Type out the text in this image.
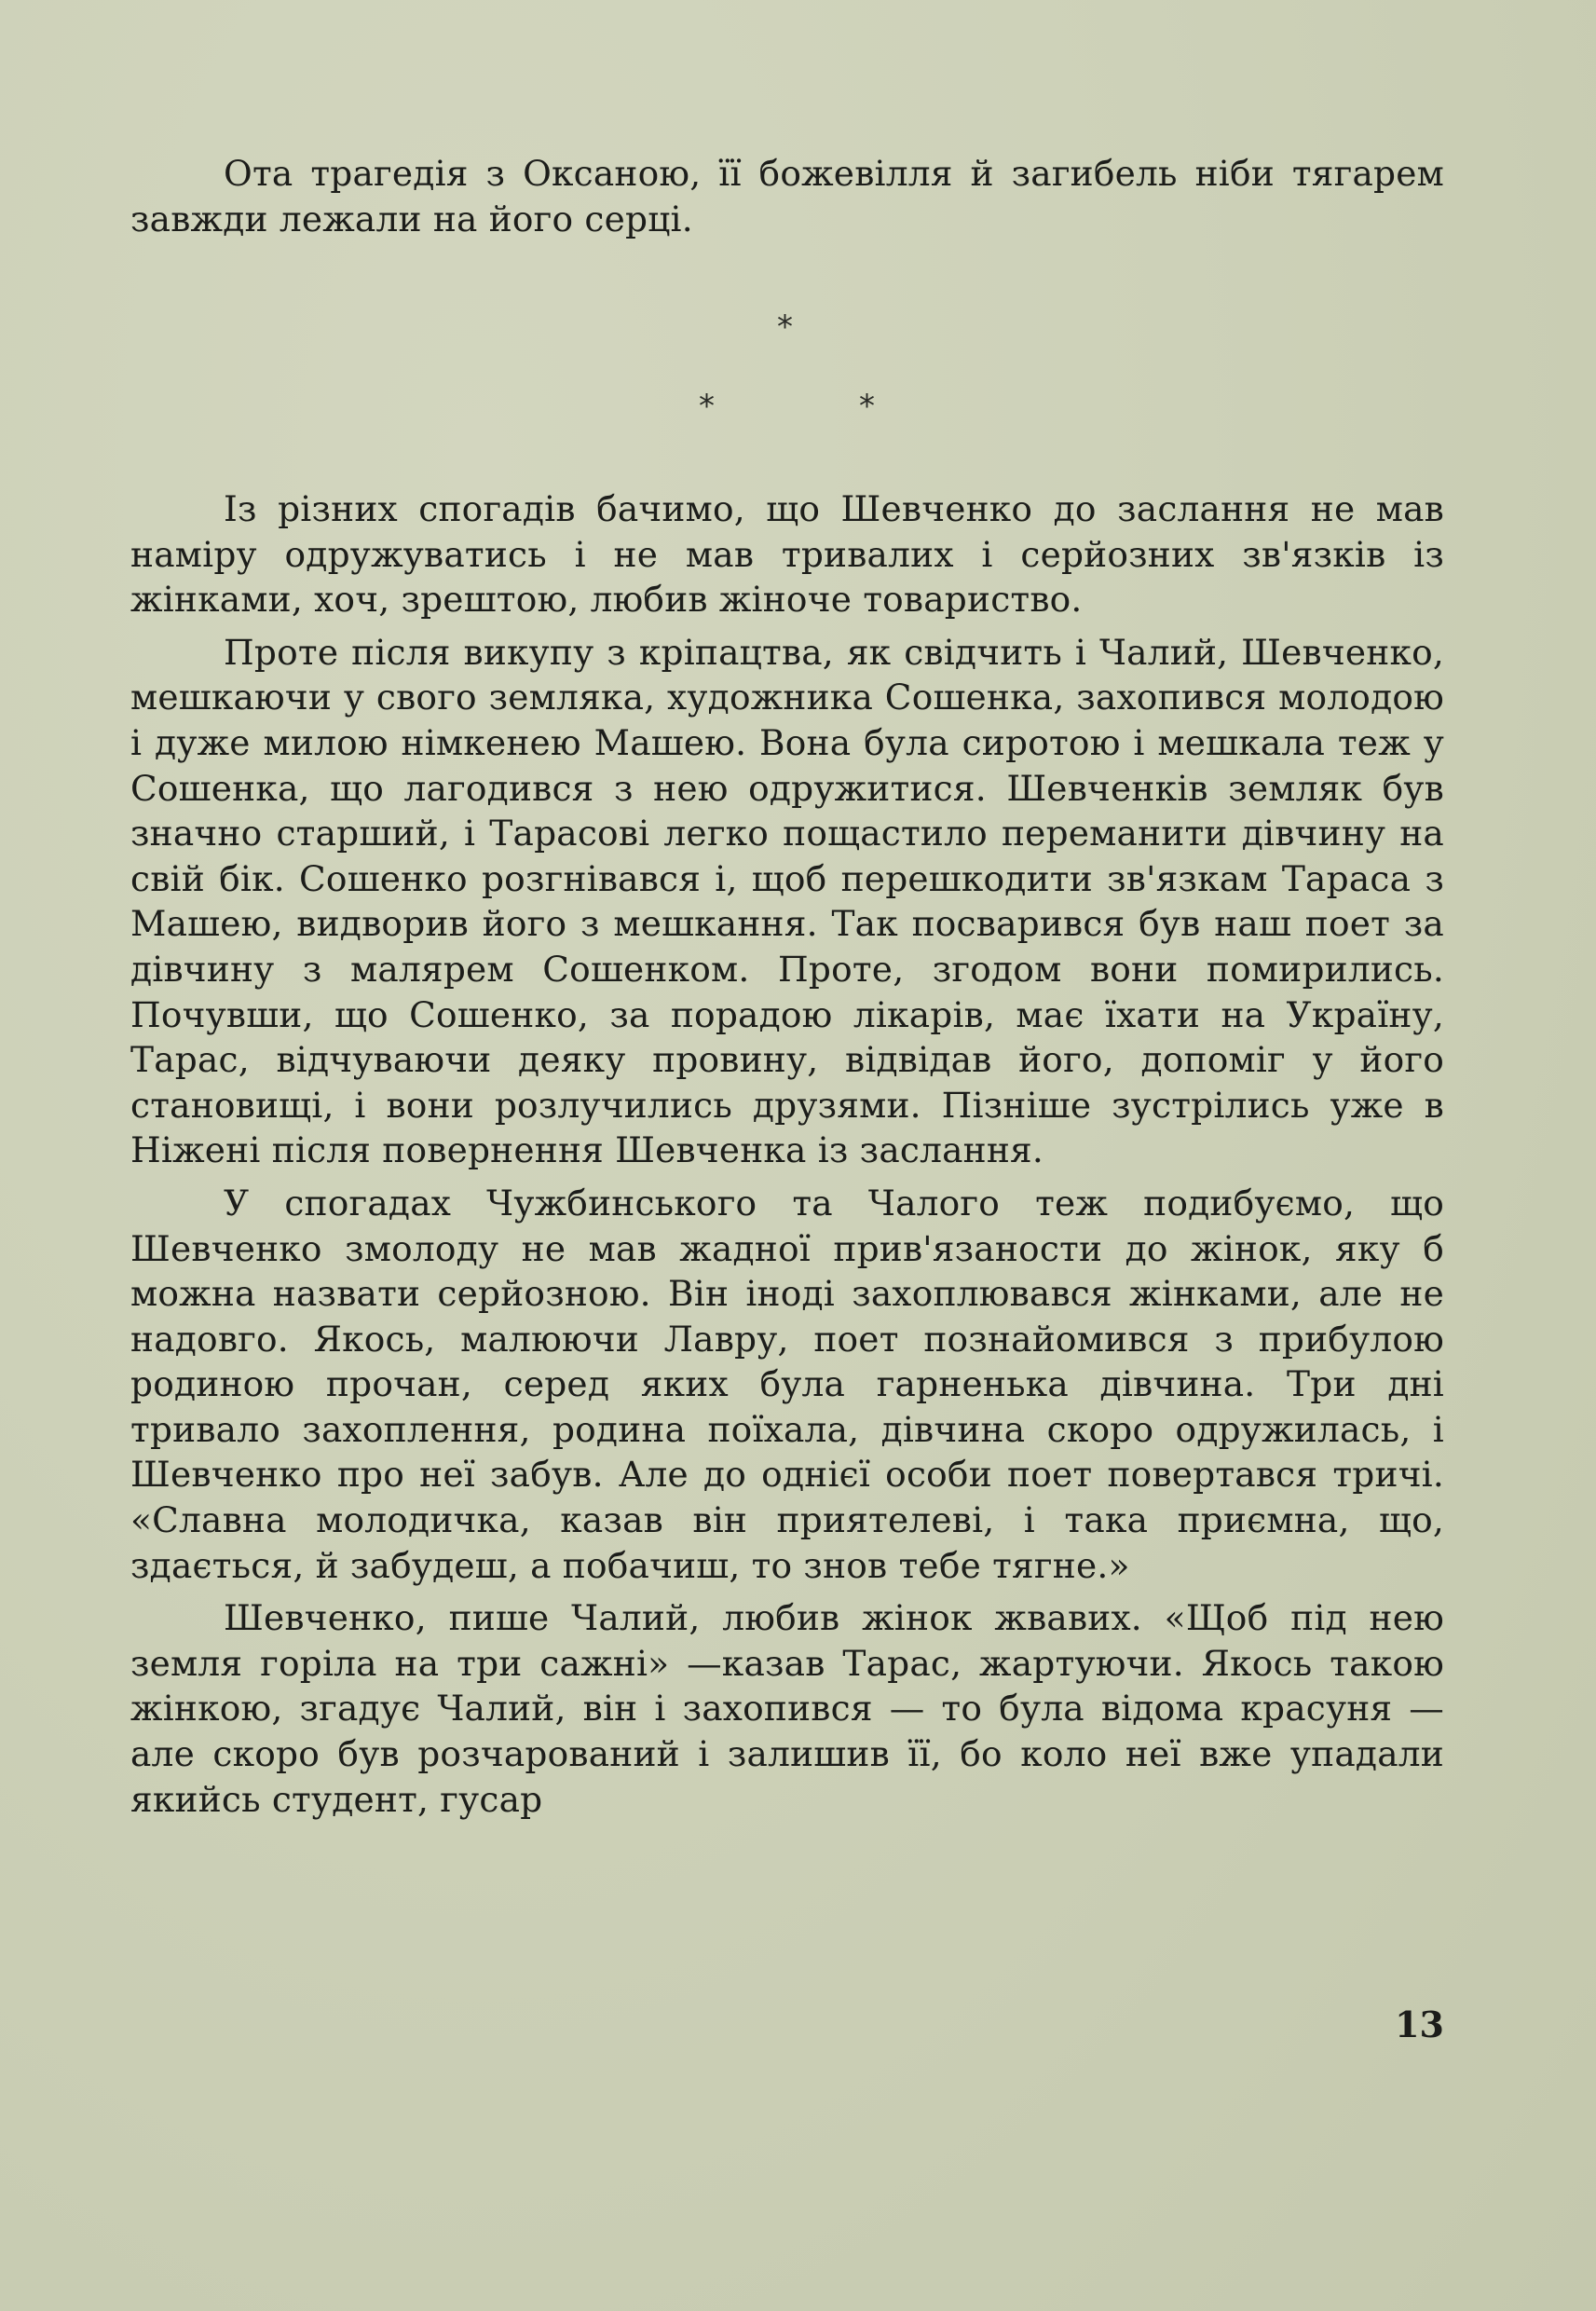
Ота трагедія з Оксаною, її божевілля й загибель ніби тягарем завжди лежали на його серці.

*
*	*

Із різних спогадів бачимо, що Шевченко до заслання не мав наміру одружуватись і не мав тривалих і серйозних зв'язків із жінками, хоч, зрештою, любив жіноче товариство.

Проте після викупу з кріпацтва, як свідчить і Чалий, Шевченко, мешкаючи у свого земляка, художника Сошенка, захопився молодою і дуже милою німкенею Машею. Вона була сиротою і мешкала теж у Сошенка, що лагодився з нею одружитися. Шевченків земляк був значно старший, і Тарасові легко пощастило переманити дівчину на свій бік. Сошенко розгнівався і, щоб перешкодити зв'язкам Тараса з Машею, видворив його з мешкання. Так посварився був наш поет за дівчину з малярем Сошенком. Проте, згодом вони помирились. Почувши, що Сошенко, за порадою лікарів, має їхати на Україну, Тарас, відчуваючи деяку провину, відвідав його, допоміг у його становищі, і вони розлучились друзями. Пізніше зустрілись уже в Ніжені після повернення Шевченка із заслання.

У спогадах Чужбинського та Чалого теж подибуємо, що Шевченко змолоду не мав жадної прив'язаности до жінок, яку б можна назвати серйозною. Він іноді захоплювався жінками, але не надовго. Якось, малюючи Лавру, поет познайомився з прибулою родиною прочан, серед яких була гарненька дівчина. Три дні тривало захоплення, родина поїхала, дівчина скоро одружилась, і Шевченко про неї забув. Але до однієї особи поет повертався тричі. «Славна молодичка, казав він приятелеві, і така приємна, що, здається, й забудеш, а побачиш, то знов тебе тягне.»

Шевченко, пише Чалий, любив жінок жвавих. «Щоб під нею земля горіла на три сажні» —казав Тарас, жартуючи. Якось такою жінкою, згадує Чалий, він і захопився — то була відома красуня — але скоро був розчарований і залишив її, бо коло неї вже упадали якийсь студент, гусар

13
